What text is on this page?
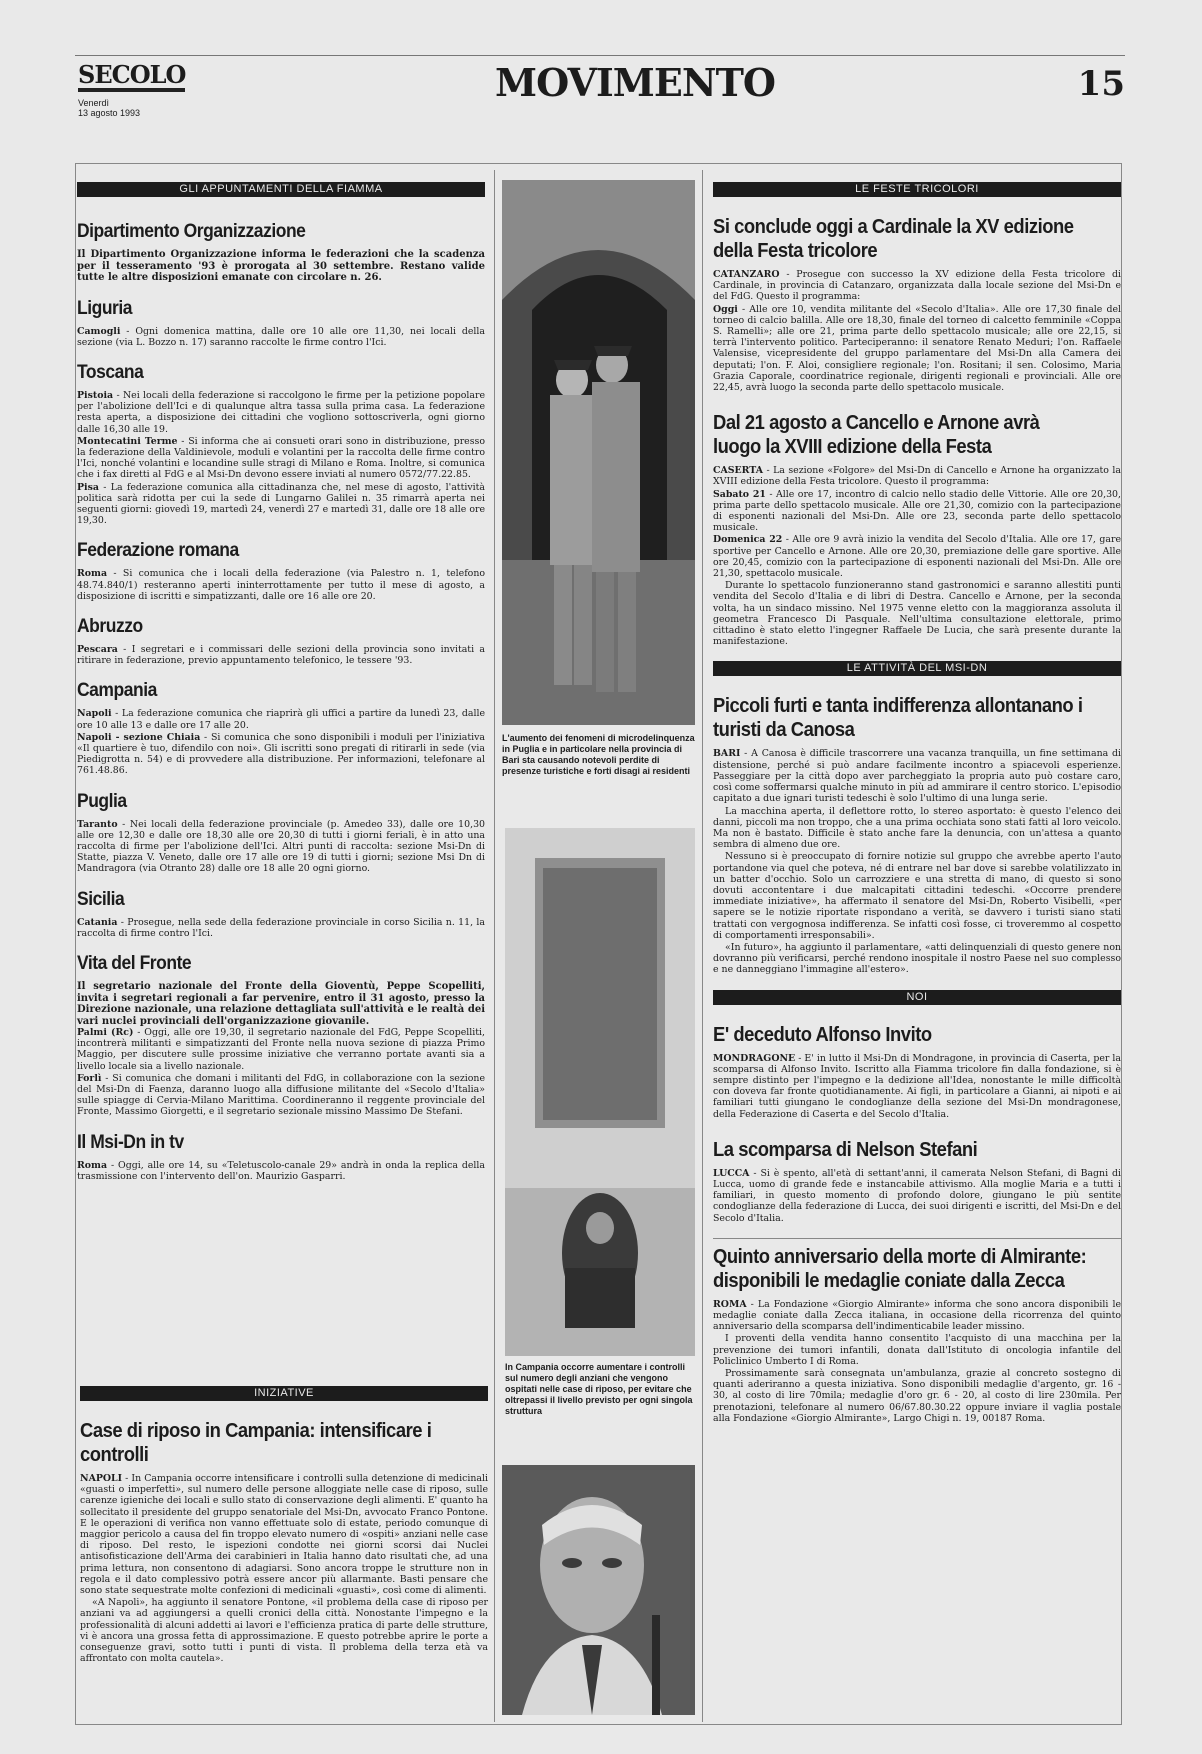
SECOLO
Venerdì
13 agosto 1993
MOVIMENTO	15
GLI APPUNTAMENTI DELLA FIAMMA
Dipartimento Organizzazione
Il Dipartimento Organizzazione informa le federazioni che la scadenza per il tesseramento '93 è prorogata al 30 settembre. Restano valide tutte le altre disposizioni emanate con circolare n. 26.
Liguria
Camogli - Ogni domenica mattina, dalle ore 10 alle ore 11,30, nei locali della sezione (via L. Bozzo n. 17) saranno raccolte le firme contro l'Ici.
Toscana
Pistoia - Nei locali della federazione si raccolgono le firme per la petizione popolare per l'abolizione dell'Ici e di qualunque altra tassa sulla prima casa. La federazione resta aperta, a disposizione dei cittadini che vogliono sottoscriverla, ogni giorno dalle 16,30 alle 19.
Montecatini Terme - Si informa che ai consueti orari sono in distribuzione, presso la federazione della Valdinievole, moduli e volantini per la raccolta delle firme contro l'Ici, nonché volantini e locandine sulle stragi di Milano e Roma. Inoltre, si comunica che i fax diretti al FdG e al Msi-Dn devono essere inviati al numero 0572/77.22.85.
Pisa - La federazione comunica alla cittadinanza che, nel mese di agosto, l'attività politica sarà ridotta per cui la sede di Lungarno Galilei n. 35 rimarrà aperta nei seguenti giorni: giovedì 19, martedì 24, venerdì 27 e martedì 31, dalle ore 18 alle ore 19,30.
Federazione romana
Roma - Si comunica che i locali della federazione (via Palestro n. 1, telefono 48.74.840/1) resteranno aperti ininterrottamente per tutto il mese di agosto, a disposizione di iscritti e simpatizzanti, dalle ore 16 alle ore 20.
Abruzzo
Pescara - I segretari e i commissari delle sezioni della provincia sono invitati a ritirare in federazione, previo appuntamento telefonico, le tessere '93.
Campania
Napoli - La federazione comunica che riaprirà gli uffici a partire da lunedì 23, dalle ore 10 alle 13 e dalle ore 17 alle 20.
Napoli - sezione Chiaia - Si comunica che sono disponibili i moduli per l'iniziativa «Il quartiere è tuo, difendilo con noi». Gli iscritti sono pregati di ritirarli in sede (via Piedigrotta n. 54) e di provvedere alla distribuzione. Per informazioni, telefonare al 761.48.86.
Puglia
Taranto - Nei locali della federazione provinciale (p. Amedeo 33), dalle ore 10,30 alle ore 12,30 e dalle ore 18,30 alle ore 20,30 di tutti i giorni feriali, è in atto una raccolta di firme per l'abolizione dell'Ici. Altri punti di raccolta: sezione Msi-Dn di Statte, piazza V. Veneto, dalle ore 17 alle ore 19 di tutti i giorni; sezione Msi Dn di Mandragora (via Otranto 28) dalle ore 18 alle 20 ogni giorno.
Sicilia
Catania - Prosegue, nella sede della federazione provinciale in corso Sicilia n. 11, la raccolta di firme contro l'Ici.
Vita del Fronte
Il segretario nazionale del Fronte della Gioventù, Peppe Scopelliti, invita i segretari regionali a far pervenire, entro il 31 agosto, presso la Direzione nazionale, una relazione dettagliata sull'attività e le realtà dei vari nuclei provinciali dell'organizzazione giovanile.
Palmi (Rc) - Oggi, alle ore 19,30, il segretario nazionale del FdG, Peppe Scopelliti, incontrerà militanti e simpatizzanti del Fronte nella nuova sezione di piazza Primo Maggio, per discutere sulle prossime iniziative che verranno portate avanti sia a livello locale sia a livello nazionale.
Forlì - Si comunica che domani i militanti del FdG, in collaborazione con la sezione del Msi-Dn di Faenza, daranno luogo alla diffusione militante del «Secolo d'Italia» sulle spiagge di Cervia-Milano Marittima. Coordineranno il reggente provinciale del Fronte, Massimo Giorgetti, e il segretario sezionale missino Massimo De Stefani.
Il Msi-Dn in tv
Roma - Oggi, alle ore 14, su «Teletuscolo-canale 29» andrà in onda la replica della trasmissione con l'intervento dell'on. Maurizio Gasparri.
INIZIATIVE
Case di riposo in Campania: intensificare i controlli
NAPOLI - In Campania occorre intensificare i controlli sulla detenzione di medicinali «guasti o imperfetti», sul numero delle persone alloggiate nelle case di riposo, sulle carenze igieniche dei locali e sullo stato di conservazione degli alimenti. E' quanto ha sollecitato il presidente del gruppo senatoriale del Msi-Dn, avvocato Franco Pontone. E le operazioni di verifica non vanno effettuate solo di estate, periodo comunque di maggior pericolo a causa del fin troppo elevato numero di «ospiti» anziani nelle case di riposo. Del resto, le ispezioni condotte nei giorni scorsi dai Nuclei antisofisticazione dell'Arma dei carabinieri in Italia hanno dato risultati che, ad una prima lettura, non consentono di adagiarsi. Sono ancora troppe le strutture non in regola e il dato complessivo potrà essere ancor più allarmante. Basti pensare che sono state sequestrate molte confezioni di medicinali «guasti», così come di alimenti.
«A Napoli», ha aggiunto il senatore Pontone, «il problema della case di riposo per anziani va ad aggiungersi a quelli cronici della città. Nonostante l'impegno e la professionalità di alcuni addetti ai lavori e l'efficienza pratica di parte delle strutture, vi è ancora una grossa fetta di approssimazione. E questo potrebbe aprire le porte a conseguenze gravi, sotto tutti i punti di vista. Il problema della terza età va affrontato con molta cautela».
L'aumento dei fenomeni di microdelinquenza in Puglia e in particolare nella provincia di Bari sta causando notevoli perdite di presenze turistiche e forti disagi ai residenti
In Campania occorre aumentare i controlli sul numero degli anziani che vengono ospitati nelle case di riposo, per evitare che oltrepassi il livello previsto per ogni singola struttura
LE FESTE TRICOLORI
Si conclude oggi a Cardinale la XV edizione della Festa tricolore
CATANZARO - Prosegue con successo la XV edizione della Festa tricolore di Cardinale, in provincia di Catanzaro, organizzata dalla locale sezione del Msi-Dn e del FdG. Questo il programma:
Oggi - Alle ore 10, vendita militante del «Secolo d'Italia». Alle ore 17,30 finale del torneo di calcio balilla. Alle ore 18,30, finale del torneo di calcetto femminile «Coppa S. Ramelli»; alle ore 21, prima parte dello spettacolo musicale; alle ore 22,15, si terrà l'intervento politico. Parteciperanno: il senatore Renato Meduri; l'on. Raffaele Valensise, vicepresidente del gruppo parlamentare del Msi-Dn alla Camera dei deputati; l'on. F. Aloi, consigliere regionale; l'on. Rositani; il sen. Colosimo, Maria Grazia Caporale, coordinatrice regionale, dirigenti regionali e provinciali. Alle ore 22,45, avrà luogo la seconda parte dello spettacolo musicale.
Dal 21 agosto a Cancello e Arnone avrà luogo la XVIII edizione della Festa
CASERTA - La sezione «Folgore» del Msi-Dn di Cancello e Arnone ha organizzato la XVIII edizione della Festa tricolore. Questo il programma:
Sabato 21 - Alle ore 17, incontro di calcio nello stadio delle Vittorie. Alle ore 20,30, prima parte dello spettacolo musicale. Alle ore 21,30, comizio con la partecipazione di esponenti nazionali del Msi-Dn. Alle ore 23, seconda parte dello spettacolo musicale.
Domenica 22 - Alle ore 9 avrà inizio la vendita del Secolo d'Italia. Alle ore 17, gare sportive per Cancello e Arnone. Alle ore 20,30, premiazione delle gare sportive. Alle ore 20,45, comizio con la partecipazione di esponenti nazionali del Msi-Dn. Alle ore 21,30, spettacolo musicale.
Durante lo spettacolo funzioneranno stand gastronomici e saranno allestiti punti vendita del Secolo d'Italia e di libri di Destra. Cancello e Arnone, per la seconda volta, ha un sindaco missino. Nel 1975 venne eletto con la maggioranza assoluta il geometra Francesco Di Pasquale. Nell'ultima consultazione elettorale, primo cittadino è stato eletto l'ingegner Raffaele De Lucia, che sarà presente durante la manifestazione.
LE ATTIVITÀ DEL MSI-DN
Piccoli furti e tanta indifferenza allontanano i turisti da Canosa
BARI - A Canosa è difficile trascorrere una vacanza tranquilla, un fine settimana di distensione, perché si può andare facilmente incontro a spiacevoli esperienze. Passeggiare per la città dopo aver parcheggiato la propria auto può costare caro, così come soffermarsi qualche minuto in più ad ammirare il centro storico. L'episodio capitato a due ignari turisti tedeschi è solo l'ultimo di una lunga serie.
La macchina aperta, il deflettore rotto, lo stereo asportato: è questo l'elenco dei danni, piccoli ma non troppo, che a una prima occhiata sono stati fatti al loro veicolo. Ma non è bastato. Difficile è stato anche fare la denuncia, con un'attesa a quanto sembra di almeno due ore.
Nessuno si è preoccupato di fornire notizie sul gruppo che avrebbe aperto l'auto portandone via quel che poteva, né di entrare nel bar dove si sarebbe volatilizzato in un batter d'occhio. Solo un carrozziere e una stretta di mano, di questo si sono dovuti accontentare i due malcapitati cittadini tedeschi. «Occorre prendere immediate iniziative», ha affermato il senatore del Msi-Dn, Roberto Visibelli, «per sapere se le notizie riportate rispondano a verità, se davvero i turisti siano stati trattati con vergognosa indifferenza. Se infatti così fosse, ci troveremmo al cospetto di comportamenti irresponsabili».
«In futuro», ha aggiunto il parlamentare, «atti delinquenziali di questo genere non dovranno più verificarsi, perché rendono inospitale il nostro Paese nel suo complesso e ne danneggiano l'immagine all'estero».
NOI
E' deceduto Alfonso Invito
MONDRAGONE - E' in lutto il Msi-Dn di Mondragone, in provincia di Caserta, per la scomparsa di Alfonso Invito. Iscritto alla Fiamma tricolore fin dalla fondazione, si è sempre distinto per l'impegno e la dedizione all'Idea, nonostante le mille difficoltà con doveva far fronte quotidianamente. Ai figli, in particolare a Gianni, ai nipoti e ai familiari tutti giungano le condoglianze della sezione del Msi-Dn mondragonese, della Federazione di Caserta e del Secolo d'Italia.
La scomparsa di Nelson Stefani
LUCCA - Si è spento, all'età di settant'anni, il camerata Nelson Stefani, di Bagni di Lucca, uomo di grande fede e instancabile attivismo. Alla moglie Maria e a tutti i familiari, in questo momento di profondo dolore, giungano le più sentite condoglianze della federazione di Lucca, dei suoi dirigenti e iscritti, del Msi-Dn e del Secolo d'Italia.
Quinto anniversario della morte di Almirante: disponibili le medaglie coniate dalla Zecca
ROMA - La Fondazione «Giorgio Almirante» informa che sono ancora disponibili le medaglie coniate dalla Zecca italiana, in occasione della ricorrenza del quinto anniversario della scomparsa dell'indimenticabile leader missino.
I proventi della vendita hanno consentito l'acquisto di una macchina per la prevenzione dei tumori infantili, donata dall'Istituto di oncologia infantile del Policlinico Umberto I di Roma.
Prossimamente sarà consegnata un'ambulanza, grazie al concreto sostegno di quanti aderiranno a questa iniziativa. Sono disponibili medaglie d'argento, gr. 16 - 30, al costo di lire 70mila; medaglie d'oro gr. 6 - 20, al costo di lire 230mila. Per prenotazioni, telefonare al numero 06/67.80.30.22 oppure inviare il vaglia postale alla Fondazione «Giorgio Almirante», Largo Chigi n. 19, 00187 Roma.
